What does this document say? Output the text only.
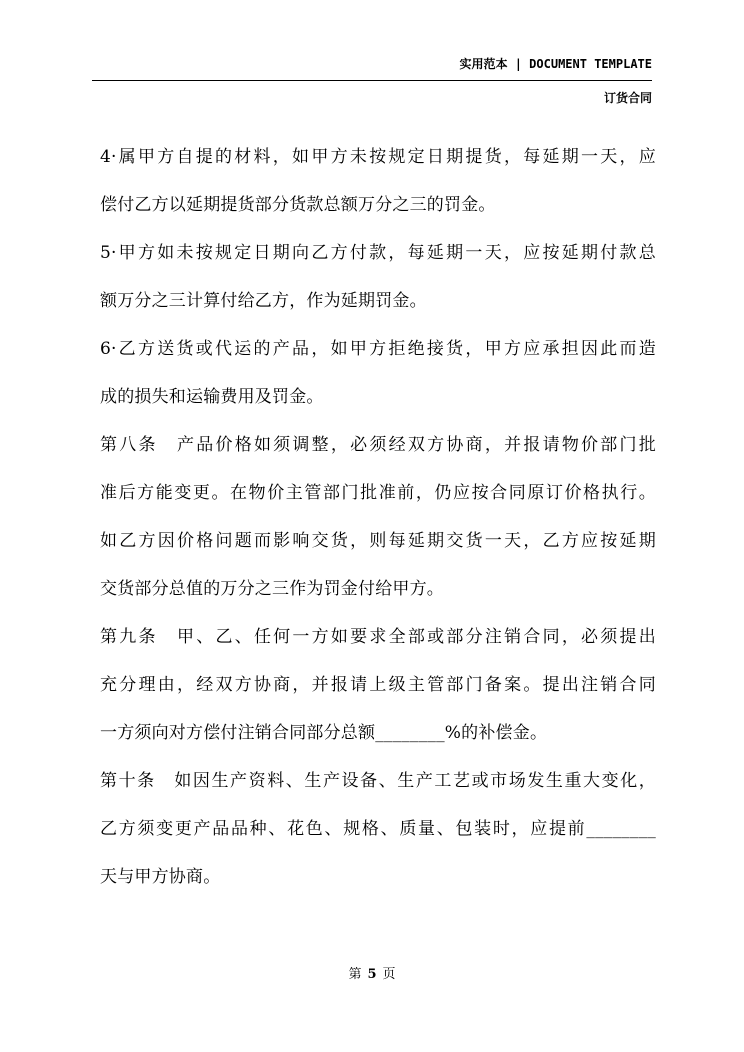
实用范本 | DOCUMENT TEMPLATE
订货合同

4·属甲方自提的材料，如甲方未按规定日期提货，每延期一天，应

偿付乙方以延期提货部分货款总额万分之三的罚金。

5·甲方如未按规定日期向乙方付款，每延期一天，应按延期付款总

额万分之三计算付给乙方，作为延期罚金。

6·乙方送货或代运的产品，如甲方拒绝接货，甲方应承担因此而造

成的损失和运输费用及罚金。

第八条　产品价格如须调整，必须经双方协商，并报请物价部门批

准后方能变更。在物价主管部门批准前，仍应按合同原订价格执行。

如乙方因价格问题而影响交货，则每延期交货一天，乙方应按延期

交货部分总值的万分之三作为罚金付给甲方。

第九条　甲、乙、任何一方如要求全部或部分注销合同，必须提出

充分理由，经双方协商，并报请上级主管部门备案。提出注销合同

一方须向对方偿付注销合同部分总额________%的补偿金。

第十条　如因生产资料、生产设备、生产工艺或市场发生重大变化，

乙方须变更产品品种、花色、规格、质量、包装时，应提前________

天与甲方协商。

第 5 页
